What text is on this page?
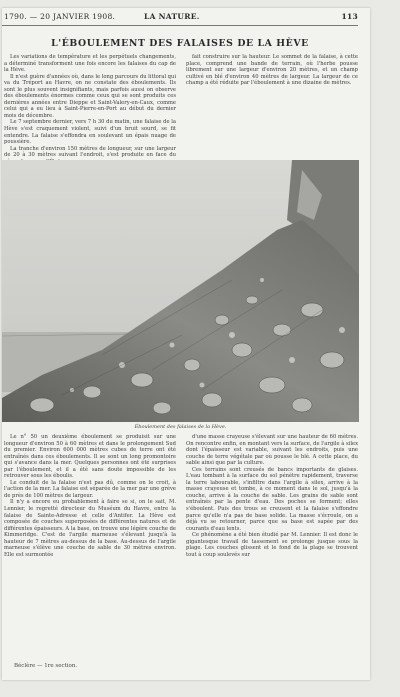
1790. — 20 JANVIER 1908.	LA NATURE.	113
L'ÉBOULEMENT DES FALAISES DE LA HÈVE

Les variations de température et les perpétuels changements, a déterminé transforment une fois encore les falaises du cap de la Hève.

Il n'est guère d'années où, dans le long parcours du littoral qui va du Tréport au Havre, on ne constate des éboulements. Ils sont le plus souvent insignifiants, mais parfois aussi on observe des éboulements énormes comme ceux qui se sont produits ces dernières années entre Dieppe et Saint-Valery-en-Caux, comme celui qui a eu lieu à Saint-Pierre-en-Port au début du dernier mois de décembre.

Le 7 septembre dernier, vers 7 h 30 du matin, une falaise de la Hève s'est craquement violent, suivi d'un bruit sourd, se fit entendre. La falaise s'effondra en soulevant un épais nuage de poussière.

La tranche d'environ 150 mètres de longueur, sur une largeur de 20 à 30 mètres suivant l'endroit, s'est produite en face du

fait construire sur la hauteur. Le sommet de la falaise, à cette place, comprend une bande de terrain, où l'herbe pousse librement sur une largeur d'environ 20 mètres, et un champ cultivé en blé d'environ 40 mètres de largeur. La largeur de ce champ a été réduite par l'éboulement à une dizaine de mètres.

Éboulement des falaises de la Hève.

Le n° 50 un deuxième éboulement se produisit sur une longueur d'environ 50 à 60 mètres et dans le prolongement Sud du premier. Environ 600 000 mètres cubes de terre ont été entraînés dans ces éboulements. Il se sont un long promontoire qui s'avance dans la mer. Quelques personnes ont été surprises par l'éboulement, et il a été sans doute impossible de les retrouver sous les éboulis.

Le conduit de la falaise n'est pas dû, comme on le croit, à l'action de la mer. La falaise est séparée de la mer par une grève de près de 100 mètres de largeur.

Il n'y a encore eu probablement à faire se si, on le sait, M. Lennier, le regretté directeur du Muséum du Havre, entre la falaise de Sainte-Adresse et celle d'Antifer. La Hève est composée de couches superposées de différentes natures et de différentes épaisseurs. A la base, on trouve une légère couche de Kimmeridge. C'est de l'argile marneuse s'élevant jusqu'à la hauteur de 7 mètres au-dessus de la base. Au-dessus de l'argile marneuse s'élève une couche de sable de 30 mètres environ. Elle est surmontée

d'une masse crayeuse s'élevant sur une hauteur de 60 mètres. On rencontre enfin, en montant vers la surface, de l'argile à silex dont l'épaisseur est variable, suivant les endroits, puis une couche de terre végétale par où pousse le blé. A cette place, du sable ainsi que par la culture.

Ces terrains sont creusés de bancs importants de glaises. L'eau tombant à la surface du sol pénètre rapidement, traverse la terre labourable, s'infiltre dans l'argile à silex, arrive à la masse crayeuse et tombe, à ce moment dans le sol, jusqu'à la couche, arrive à la couche de sable. Les grains de sable sont entraînés par la pente d'eau. Des poches se forment; elles s'éboulent. Puis des trous se creusent et la falaise s'effondre parce qu'elle n'a pas de base solide. La masse s'écroule, on a déjà vu se retourner, parce que sa base est sapée par des courants d'eau lents.

Ce phénomène a été bien étudié par M. Lennier. Il est donc le gigantesque travail de tassement se prolonge jusque sous la plage. Les couches glissent et le fond de la plage se trouvent tout à coup soulevés sur

Béclère — 1re section.
